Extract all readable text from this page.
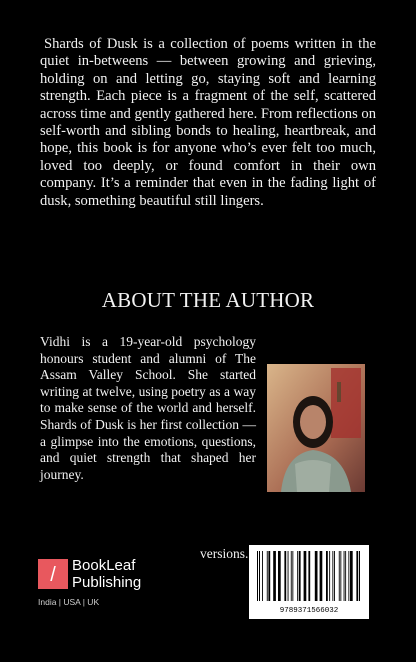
Shards of Dusk is a collection of poems written in the quiet in-betweens — between growing and grieving, holding on and letting go, staying soft and learning strength. Each piece is a fragment of the self, scattered across time and gently gathered here. From reflections on self-worth and sibling bonds to healing, heartbreak, and hope, this book is for anyone who’s ever felt too much, loved too deeply, or found comfort in their own company. It’s a reminder that even in the fading light of dusk, something beautiful still lingers.

ABOUT THE AUTHOR

Vidhi is a 19-year-old psychology honours student and alumni of The Assam Valley School. She started writing at twelve, using poetry as a way to make sense of the world and herself. Shards of Dusk is her first collection — a glimpse into the emotions, questions, and quiet strength that shaped her journey.

/ BookLeaf
Publishing
India | USA | UK

versions.

9789371566032
